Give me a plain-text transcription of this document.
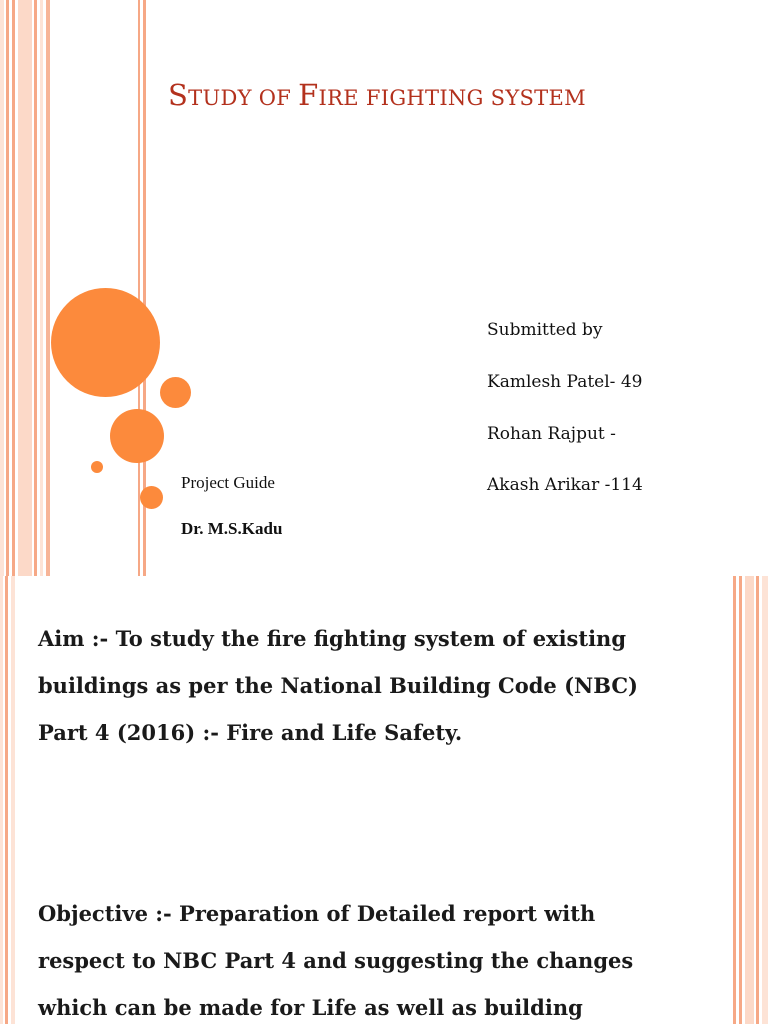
STUDY OF FIRE FIGHTING SYSTEM
Project Guide
Dr. M.S.Kadu
Submitted by
Kamlesh Patel- 49
Rohan Rajput -
Akash Arikar -114
Aim :- To study the fire fighting system of existing
buildings as per the National Building Code (NBC)
Part 4 (2016) :- Fire and Life Safety.
Objective :- Preparation of Detailed report with
respect to NBC Part 4 and suggesting the changes
which can be made for Life as well as building
